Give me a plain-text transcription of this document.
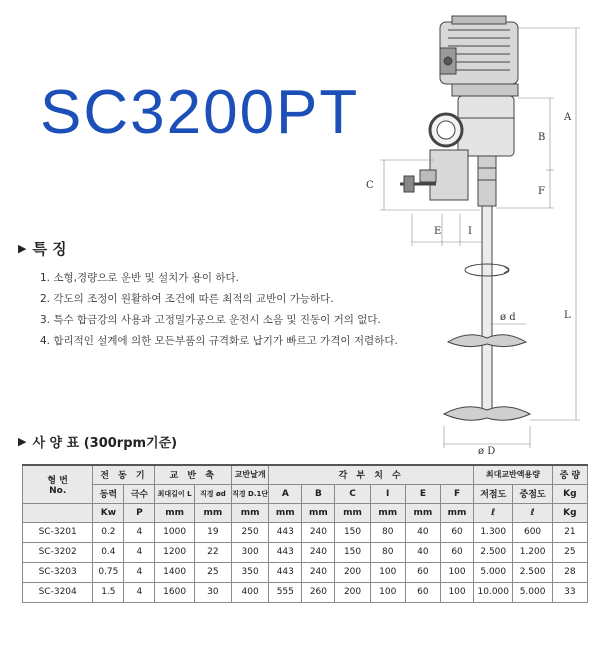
SC3200PT
▶ 특 징
1. 소형,경량으로 운반 및 설치가 용이 하다.
2. 각도의 조정이 원활하여 조건에 따른 최적의 교반이 가능하다.
3. 특수 합금강의 사용과 고정밀가공으로 운전시 소음 및 진동이 거의 없다.
4. 합리적인 설계에 의한 모든부품의 규격화로 납기가 빠르고 가격이 저렴하다.
A
B
F
C
E	I
L
ø d
ø D
▶ 사 양 표 (300rpm기준)
형 번
No.	전 동 기		교 반 축		교반날개	각 부 치 수						최대교반액용량		중 량
	동력	극수	최대길이 L	직경 ød	직경 D.1단	A	B	C	I	E	F	저점도	중점도	Kg
	Kw	P	mm	mm	mm	mm	mm	mm	mm	mm	mm	ℓ	ℓ	Kg
SC-3201	0.2	4	1000	19	250	443	240	150	80	40	60	1.300	600	21
SC-3202	0.4	4	1200	22	300	443	240	150	80	40	60	2.500	1.200	25
SC-3203	0.75	4	1400	25	350	443	240	200	100	60	100	5.000	2.500	28
SC-3204	1.5	4	1600	30	400	555	260	200	100	60	100	10.000	5.000	33
